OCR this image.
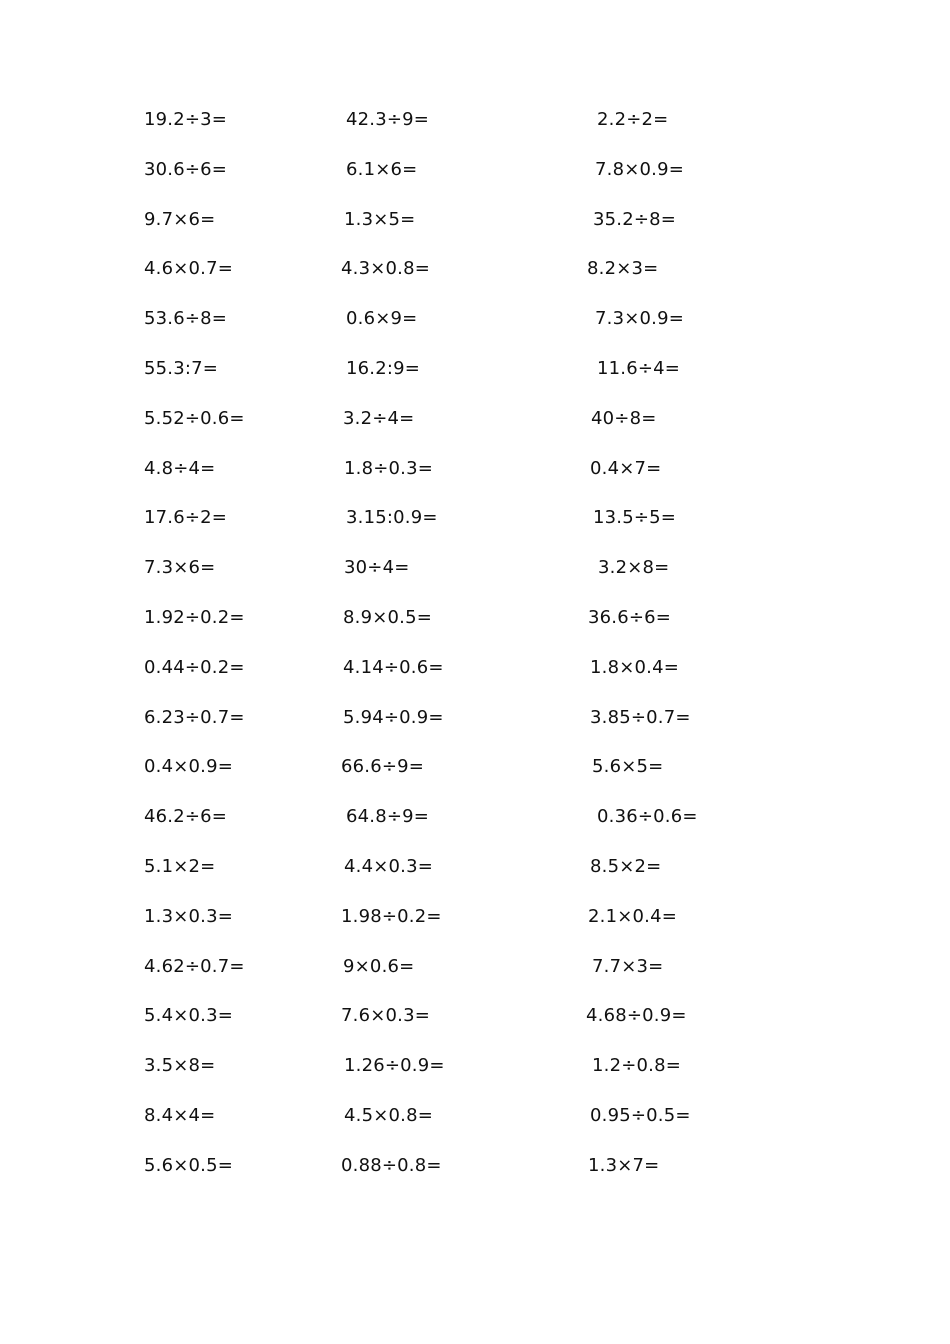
19.2÷3=	42.3÷9=	2.2÷2=
30.6÷6=	6.1×6=	7.8×0.9=
9.7×6=	1.3×5=	35.2÷8=
4.6×0.7=	4.3×0.8=	8.2×3=
53.6÷8=	0.6×9=	7.3×0.9=
55.3:7=	16.2:9=	11.6÷4=
5.52÷0.6=	3.2÷4=	40÷8=
4.8÷4=	1.8÷0.3=	0.4×7=
17.6÷2=	3.15:0.9=	13.5÷5=
7.3×6=	30÷4=	3.2×8=
1.92÷0.2=	8.9×0.5=	36.6÷6=
0.44÷0.2=	4.14÷0.6=	1.8×0.4=
6.23÷0.7=	5.94÷0.9=	3.85÷0.7=
0.4×0.9=	66.6÷9=	5.6×5=
46.2÷6=	64.8÷9=	0.36÷0.6=
5.1×2=	4.4×0.3=	8.5×2=
1.3×0.3=	1.98÷0.2=	2.1×0.4=
4.62÷0.7=	9×0.6=	7.7×3=
5.4×0.3=	7.6×0.3=	4.68÷0.9=
3.5×8=	1.26÷0.9=	1.2÷0.8=
8.4×4=	4.5×0.8=	0.95÷0.5=
5.6×0.5=	0.88÷0.8=	1.3×7=
